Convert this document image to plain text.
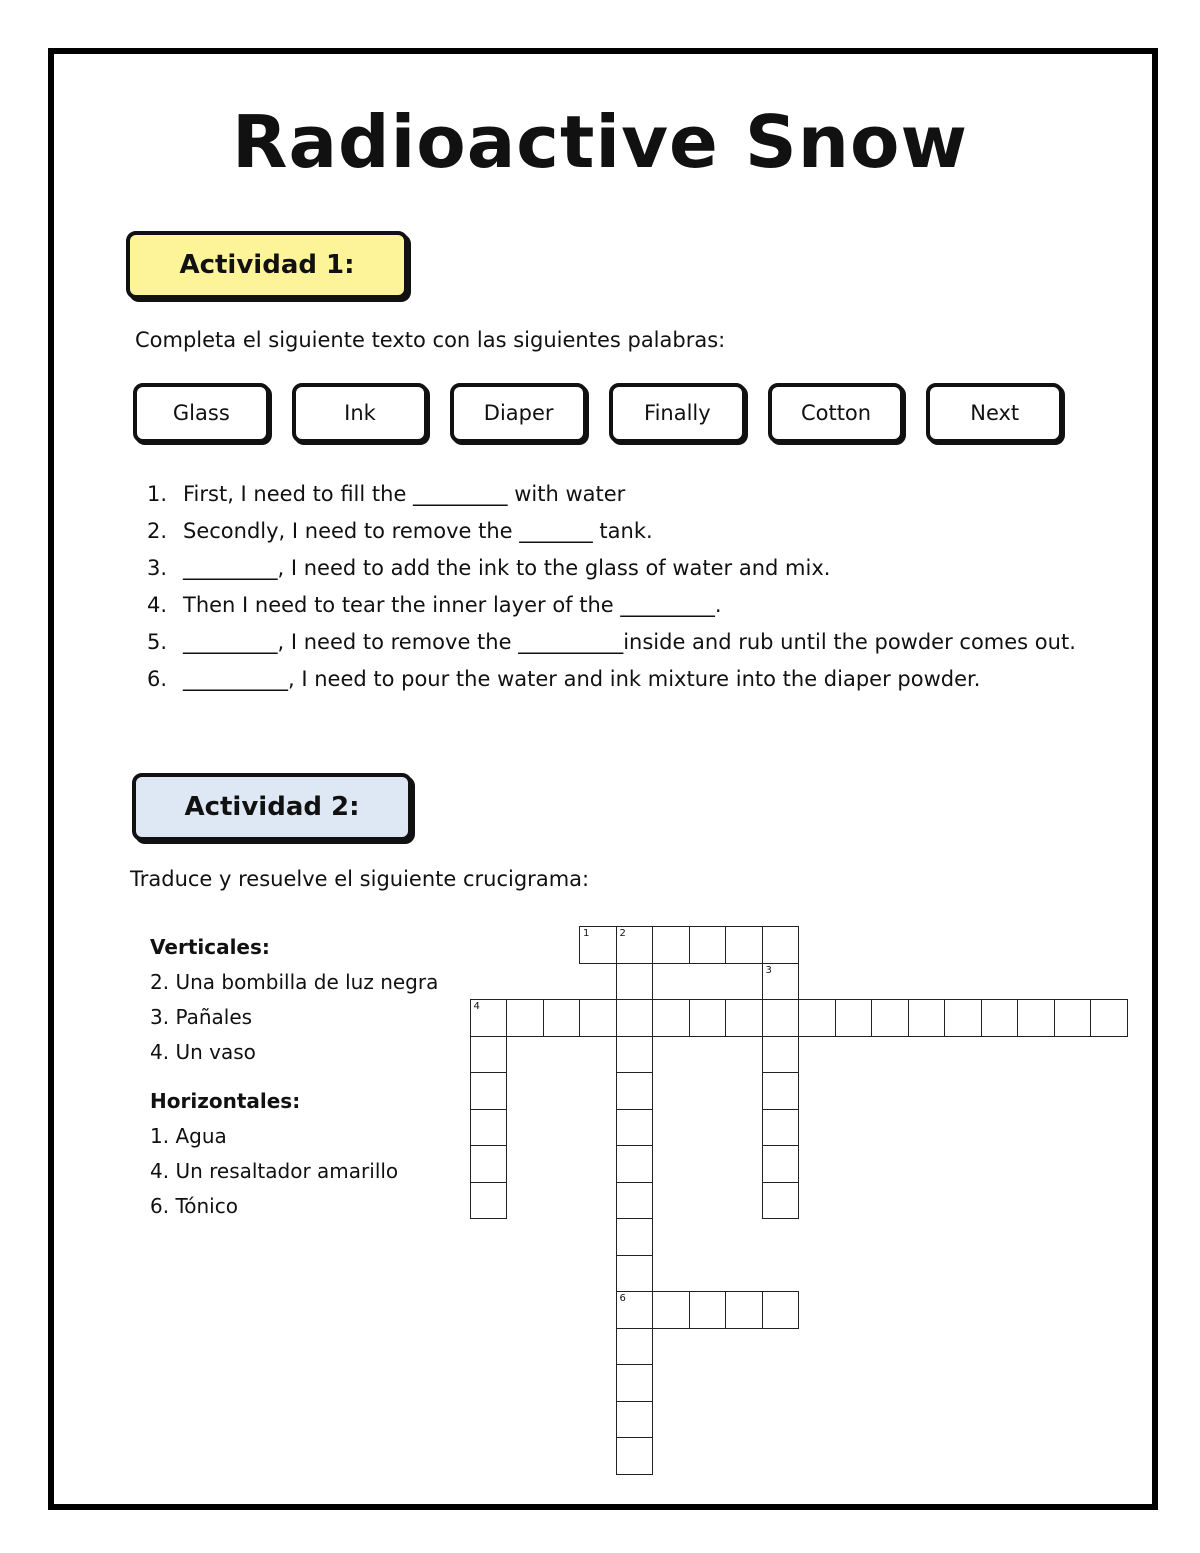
Radioactive Snow
Actividad 1:
Completa el siguiente texto con las siguientes palabras:
Glass	Ink	Diaper	Finally	Cotton	Next
1. First, I need to fill the _________ with water
2. Secondly, I need to remove the _______ tank.
3. _________, I need to add the ink to the glass of water and mix.
4. Then I need to tear the inner layer of the _________.
5. _________, I need to remove the __________inside and rub until the powder comes out.
6. __________, I need to pour the water and ink mixture into the diaper powder.
Actividad 2:
Traduce y resuelve el siguiente crucigrama:
Verticales:
2. Una bombilla de luz negra
3. Pañales
4. Un vaso
Horizontales:
1. Agua
4. Un resaltador amarillo
6. Tónico
1	2
6
3
4
